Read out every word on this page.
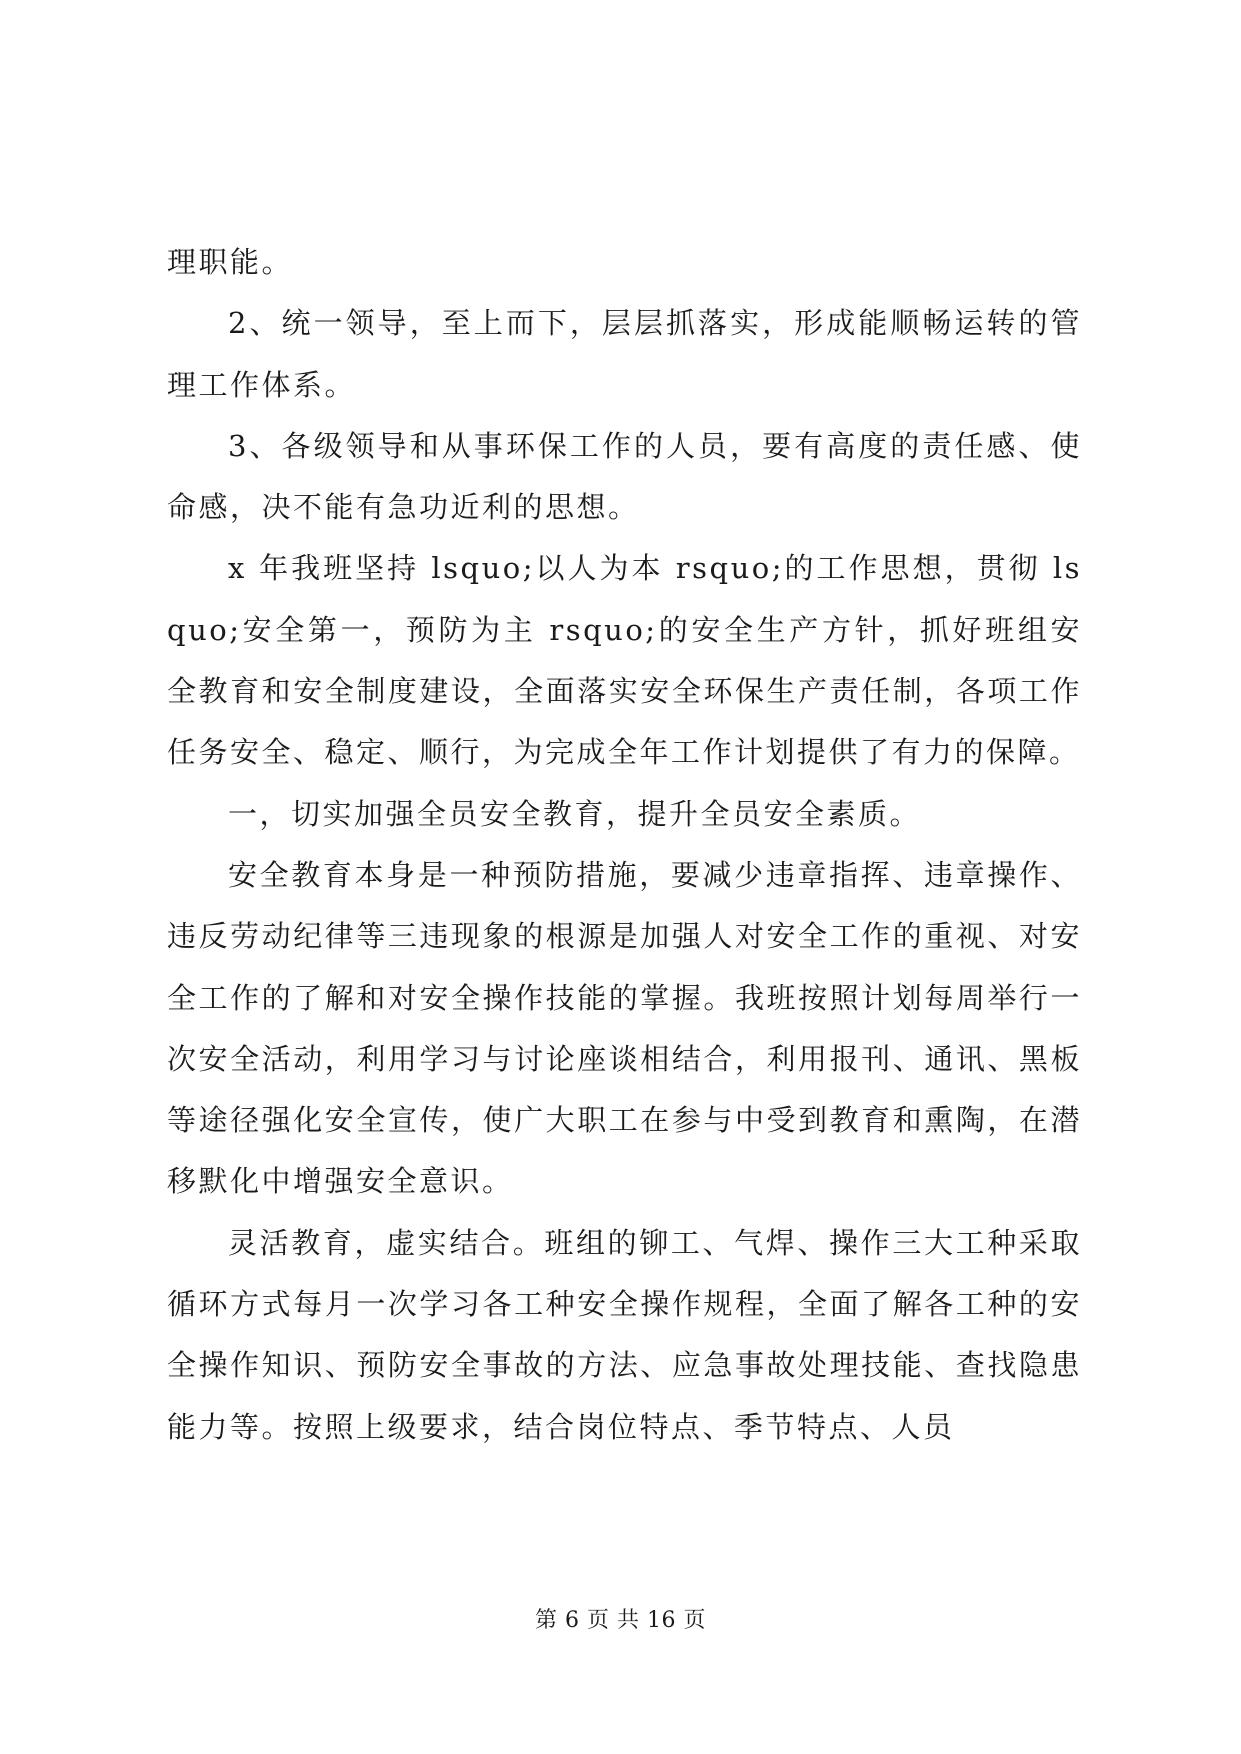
理职能。

2、统一领导，至上而下，层层抓落实，形成能顺畅运转的管理工作体系。

3、各级领导和从事环保工作的人员，要有高度的责任感、使命感，决不能有急功近利的思想。

x 年我班坚持 lsquo;以人为本 rsquo;的工作思想，贯彻 lsquo;安全第一，预防为主 rsquo;的安全生产方针，抓好班组安全教育和安全制度建设，全面落实安全环保生产责任制，各项工作任务安全、稳定、顺行，为完成全年工作计划提供了有力的保障。

一，切实加强全员安全教育，提升全员安全素质。

安全教育本身是一种预防措施，要减少违章指挥、违章操作、违反劳动纪律等三违现象的根源是加强人对安全工作的重视、对安全工作的了解和对安全操作技能的掌握。我班按照计划每周举行一次安全活动，利用学习与讨论座谈相结合，利用报刊、通讯、黑板等途径强化安全宣传，使广大职工在参与中受到教育和熏陶，在潜移默化中增强安全意识。

灵活教育，虚实结合。班组的铆工、气焊、操作三大工种采取循环方式每月一次学习各工种安全操作规程，全面了解各工种的安全操作知识、预防安全事故的方法、应急事故处理技能、查找隐患能力等。按照上级要求，结合岗位特点、季节特点、人员

第 6 页 共 16 页
